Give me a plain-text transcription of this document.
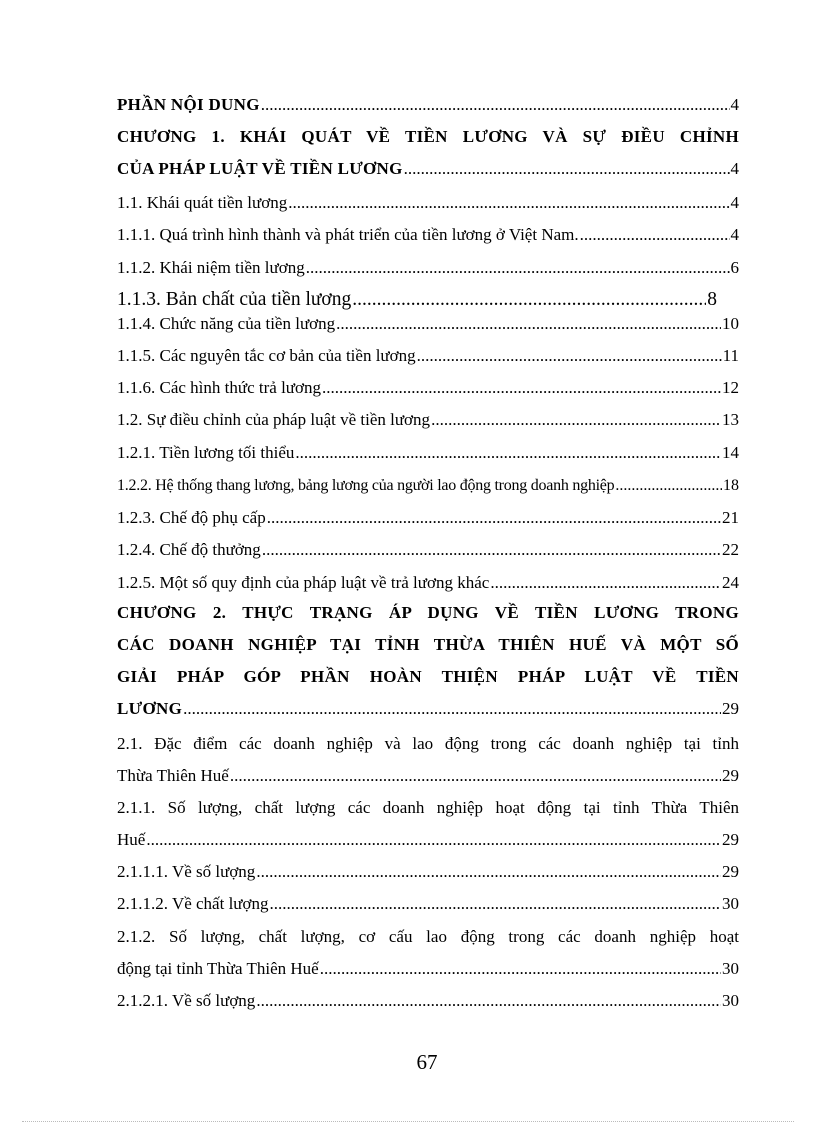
PHẦN NỘI DUNG .....	4
CHƯƠNG 1. KHÁI QUÁT VỀ TIỀN LƯƠNG VÀ SỰ ĐIỀU CHỈNH
CỦA PHÁP LUẬT VỀ TIỀN LƯƠNG .....	4
1.1. Khái quát tiền lương .....	4
1.1.1. Quá trình hình thành và phát triển của tiền lương ở Việt Nam. .....	4
1.1.2. Khái niệm tiền lương .....	6
1.1.3. Bản chất của tiền lương .....	8
1.1.4. Chức năng của tiền lương .....	10
1.1.5. Các nguyên tắc cơ bản của tiền lương .....	11
1.1.6. Các hình thức trả lương .....	12
1.2. Sự điều chỉnh của pháp luật về tiền lương .....	13
1.2.1. Tiền lương tối thiểu .....	14
1.2.2. Hệ thống thang lương, bảng lương của người lao động trong doanh nghiệp .....	18
1.2.3. Chế độ phụ cấp .....	21
1.2.4. Chế độ thưởng .....	22
1.2.5. Một số quy định của pháp luật về trả lương khác .....	24
CHƯƠNG 2. THỰC TRẠNG ÁP DỤNG VỀ TIỀN LƯƠNG TRONG
CÁC DOANH NGHIỆP TẠI TỈNH THỪA THIÊN HUẾ VÀ MỘT SỐ
GIẢI PHÁP GÓP PHẦN HOÀN THIỆN PHÁP LUẬT VỀ TIỀN
LƯƠNG .....	29
2.1. Đặc điểm các doanh nghiệp và lao động trong các doanh nghiệp tại tỉnh
Thừa Thiên Huế .....	29
2.1.1. Số lượng, chất lượng các doanh nghiệp hoạt động tại tỉnh Thừa Thiên
Huế .....	29
2.1.1.1. Về số lượng .....	29
2.1.1.2. Về chất lượng .....	30
2.1.2. Số lượng, chất lượng, cơ cấu lao động trong các doanh nghiệp hoạt
động tại tỉnh Thừa Thiên Huế .....	30
2.1.2.1. Về số lượng .....	30
67
